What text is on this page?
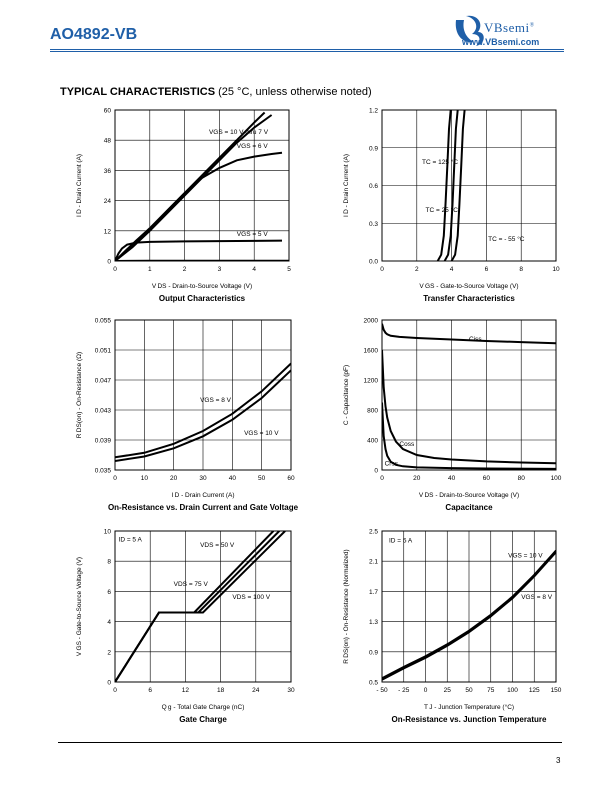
AO4892-VB	VBsemi®
www.VBsemi.com
TYPICAL CHARACTERISTICS (25 °C, unless otherwise noted)
0	1	2	3	4	5
0
12
24
36
48
60
VGS = 10 V thru 7 V
VGS = 6 V
VGS = 5 V
V DS - Drain-to-Source Voltage (V)
I D - Drain Current (A)
Output Characteristics
0	2	4	6	8	10
0.0
0.3
0.6
0.9
1.2
TC = 125 °C
TC = 25 °C
TC = - 55 °C
V GS - Gate-to-Source Voltage (V)
I D - Drain Current (A)
Transfer Characteristics
0	10	20	30	40	50	60
0.035
0.039
0.043
0.047
0.051
0.055
VGS = 8 V
VGS = 10 V
I D - Drain Current (A)
R DS(on) - On-Resistance (Ω)
On-Resistance vs. Drain Current and Gate Voltage
0	20	40	60	80	100
0
400
800
1200
1600
2000
Ciss
Coss
Crss
V DS - Drain-to-Source Voltage (V)
C - Capacitance (pF)
Capacitance
0	6	12	18	24	30
0
2
4
6
8
10
ID = 5 A
VDS = 50 V
VDS = 75 V
VDS = 100 V
Q g - Total Gate Charge (nC)
V GS - Gate-to-Source Voltage (V)
Gate Charge
- 50 - 25 0	25 50 75 100 125 150
0.5
0.9
1.3
1.7
2.1
2.5
ID = 5 A
VGS = 10 V
VGS = 8 V
T J - Junction Temperature (°C)
R DS(on) - On-Resistance (Normalized)
On-Resistance vs. Junction Temperature
3
